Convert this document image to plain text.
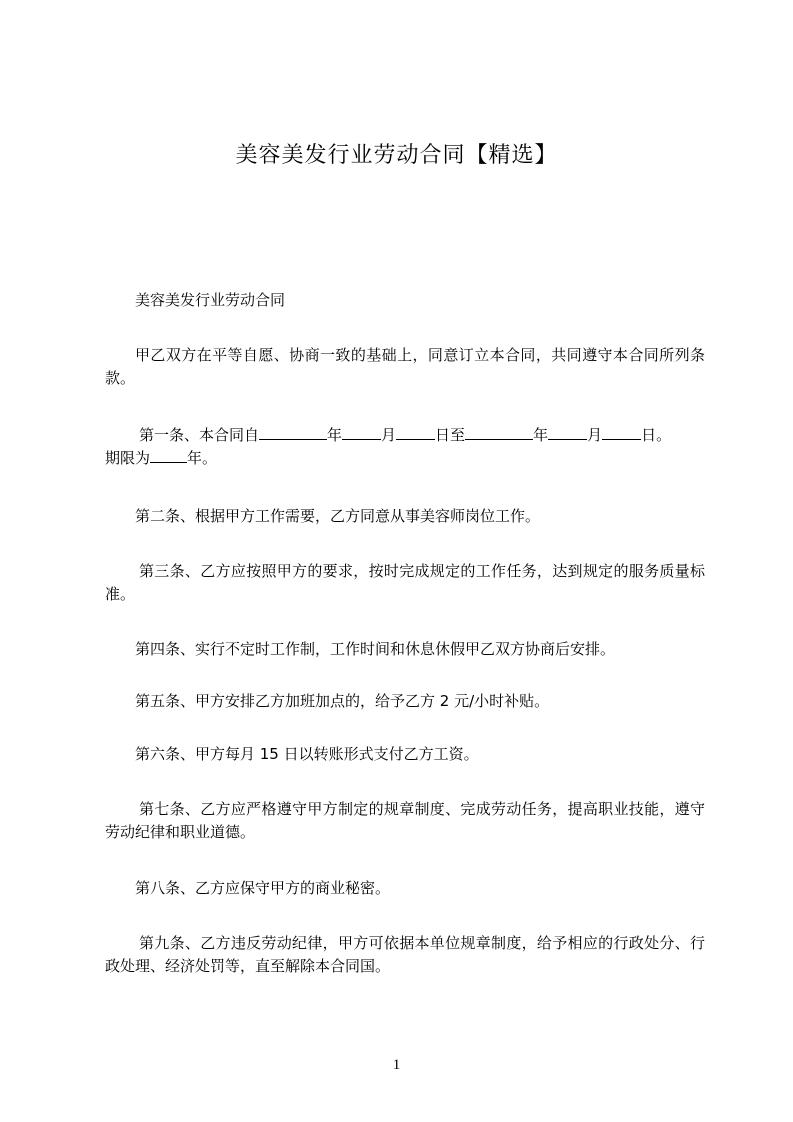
美容美发行业劳动合同【精选】

美容美发行业劳动合同

甲乙双方在平等自愿、协商一致的基础上，同意订立本合同，共同遵守本合同所列条款。

第一条、本合同自	年	月	日至	年	月	日。
期限为 年。

第二条、根据甲方工作需要，乙方同意从事美容师岗位工作。

第三条、乙方应按照甲方的要求，按时完成规定的工作任务，达到规定的服务质量标准。

第四条、实行不定时工作制，工作时间和休息休假甲乙双方协商后安排。

第五条、甲方安排乙方加班加点的，给予乙方 2 元/小时补贴。

第六条、甲方每月 15 日以转账形式支付乙方工资。

第七条、乙方应严格遵守甲方制定的规章制度、完成劳动任务，提高职业技能，遵守劳动纪律和职业道德。

第八条、乙方应保守甲方的商业秘密。

第九条、乙方违反劳动纪律，甲方可依据本单位规章制度，给予相应的行政处分、行政处理、经济处罚等，直至解除本合同国。

1
